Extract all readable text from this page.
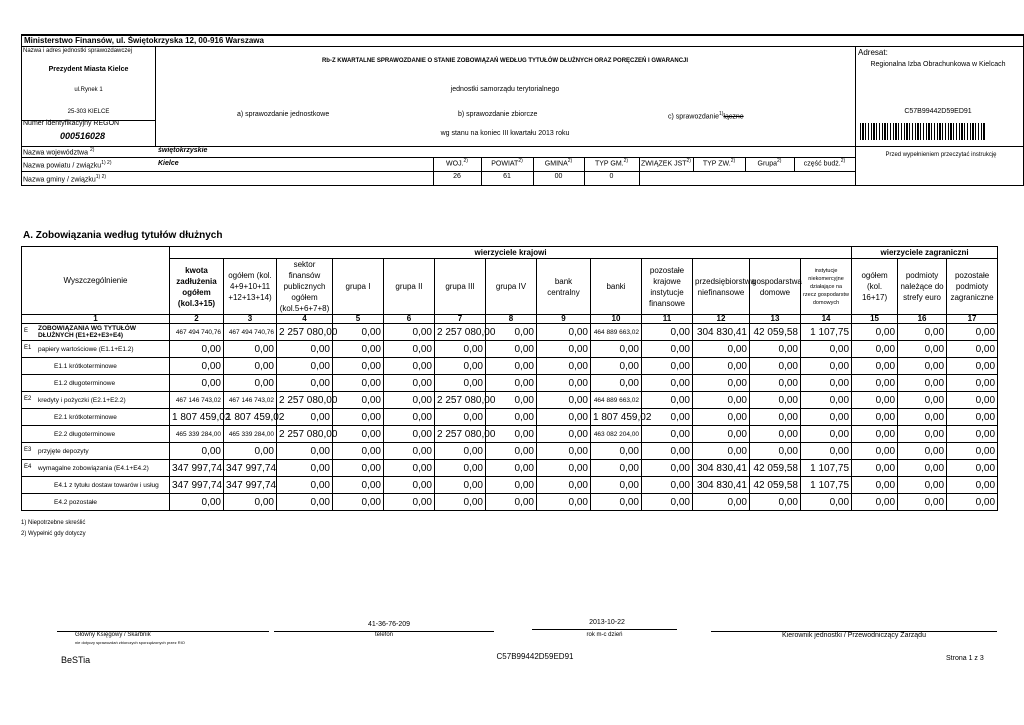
Ministerstwo Finansów, ul. Świętokrzyska 12, 00-916 Warszawa
Nazwa i adres jednostki sprawozdawczej
Prezydent Miasta Kielce
ul.Rynek 1
25-303 KIELCE
Numer identyfikacyjny REGON
000516028
Rb-Z KWARTALNE SPRAWOZDANIE O STANIE ZOBOWIĄZAŃ WEDŁUG TYTUŁÓW DŁUŻNYCH ORAZ PORĘCZEŃ I GWARANCJI
jednostki samorządu terytorialnego
a) sprawozdanie jednostkowe	b) sprawozdanie zbiorcze	c) sprawozdanie$^{1)}$łączne
wg stanu na koniec III kwartału 2013 roku
Adresat:
Regionalna Izba Obrachunkowa w Kielcach
C57B99442D59ED91
Przed wypełnieniem przeczytać instrukcję
Nazwa województwa $^{2)}$	świętokrzyskie
Nazwa powiatu / związku$^{1) 2)}$	Kielce
Nazwa gminy / związku$^{1) 2)}$
WOJ.$^{2)}$
26
POWIAT$^{2)}$
61
GMINA$^{2)}$
00
TYP GM.$^{2)}$
0
ZWIĄZEK JST$^{2)}$	TYP ZW.$^{2)}$	Grupa$^{2)}$	część budż.$^{2)}$
A. Zobowiązania według tytułów dłużnych
Wyszczególnienie	wierzyciele krajowi													wierzyciele zagraniczni		
	kwota zadłużenia ogółem (kol.3+15)	ogółem (kol. 4+9+10+11 +12+13+14)	sektor finansów publicznych ogółem (kol.5+6+7+8)	grupa I	grupa II	grupa III	grupa IV	bank centralny	banki	pozostałe krajowe instytucje finansowe	przedsiębiorstwa niefinansowe	gospodarstwa domowe	instytucje niekomercyjne działające na rzecz gospodarstw domowych	ogółem (kol. 16+17)	podmioty należące do strefy euro	pozostałe podmioty zagraniczne
1	2	3	4	5	6	7	8	9	10	11	12	13	14	15	16	17

E ZOBOWIĄZANIA WG TYTUŁÓW DŁUŻNYCH (E1+E2+E3+E4)	467 494 740,76	467 494 740,76	2 257 080,00	0,00	0,00	2 257 080,00	0,00	0,00	464 889 663,02	0,00	304 830,41	42 059,58	1 107,75	0,00	0,00	0,00

E1 papiery wartościowe (E1.1+E1.2)	0,00	0,00	0,00	0,00	0,00	0,00	0,00	0,00	0,00	0,00	0,00	0,00	0,00	0,00	0,00	0,00

E1.1 krótkoterminowe	0,00	0,00	0,00	0,00	0,00	0,00	0,00	0,00	0,00	0,00	0,00	0,00	0,00	0,00	0,00	0,00

E1.2 długoterminowe	0,00	0,00	0,00	0,00	0,00	0,00	0,00	0,00	0,00	0,00	0,00	0,00	0,00	0,00	0,00	0,00

E2 kredyty i pożyczki (E2.1+E2.2)	467 146 743,02	467 146 743,02	2 257 080,00	0,00	0,00	2 257 080,00	0,00	0,00	464 889 663,02	0,00	0,00	0,00	0,00	0,00	0,00	0,00

E2.1 krótkoterminowe	1 807 459,02	1 807 459,02	0,00	0,00	0,00	0,00	0,00	0,00	1 807 459,02	0,00	0,00	0,00	0,00	0,00	0,00	0,00

E2.2 długoterminowe	465 339 284,00	465 339 284,00	2 257 080,00	0,00	0,00	2 257 080,00	0,00	0,00	463 082 204,00	0,00	0,00	0,00	0,00	0,00	0,00	0,00

E3 przyjęte depozyty	0,00	0,00	0,00	0,00	0,00	0,00	0,00	0,00	0,00	0,00	0,00	0,00	0,00	0,00	0,00	0,00

E4 wymagalne zobowiązania (E4.1+E4.2)	347 997,74	347 997,74	0,00	0,00	0,00	0,00	0,00	0,00	0,00	0,00	304 830,41	42 059,58	1 107,75	0,00	0,00	0,00

E4.1 z tytułu dostaw towarów i usług	347 997,74	347 997,74	0,00	0,00	0,00	0,00	0,00	0,00	0,00	0,00	304 830,41	42 059,58	1 107,75	0,00	0,00	0,00

E4.2 pozostałe	0,00	0,00	0,00	0,00	0,00	0,00	0,00	0,00	0,00	0,00	0,00	0,00	0,00	0,00	0,00	0,00
1) Niepotrzebne skreślić
2) Wypełnić gdy dotyczy
41-36-76-209	2013-10-22
Główny Księgowy / Skarbnik
nie dotyczy sprawozdań zbiorczych sporządzonych przez RIO
telefon	rok m-c dzień	Kierownik jednostki / Przewodniczący Zarządu
BeSTia	C57B99442D59ED91	Strona 1 z 3
